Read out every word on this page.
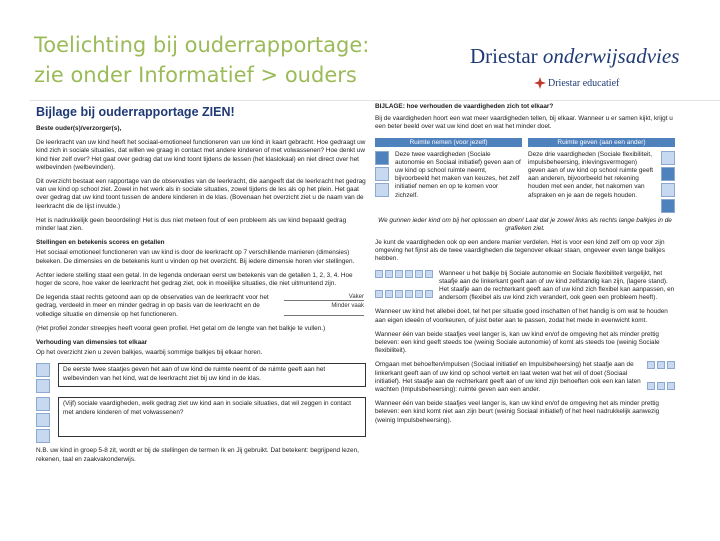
Toelichting bij ouderrapportage:
zie onder Informatief > ouders
Driestar onderwijsadvies
Driestar educatief
Bijlage bij ouderrapportage ZIEN!

Beste ouder(s)/verzorger(s),

De leerkracht van uw kind heeft het sociaal-emotioneel functioneren van uw kind in kaart gebracht. Hoe gedraagt uw kind zich in sociale situaties, dat willen we graag in contact met andere kinderen of met volwassenen? Hoe denkt uw kind hier zelf over? Het gaat over gedrag dat uw kind toont tijdens de lessen (het klaslokaal) en niet direct over het welbevinden (welbevinden).

Dit overzicht bestaat een rapportage van de observaties van de leerkracht, die aangeeft dat de leerkracht het gedrag van uw kind op school ziet. Zowel in het werk als in sociale situaties, zowel tijdens de les als op het plein. Het gaat over gedrag dat uw kind toont tussen de andere kinderen in de klas. (Bovenaan het overzicht ziet u de naam van de leerkracht die de lijst invulde.)

Het is nadrukkelijk geen beoordeling! Het is dus niet meteen fout of een probleem als uw kind bepaald gedrag minder laat zien.

Stellingen en betekenis scores en getallen

Het sociaal emotioneel functioneren van uw kind is door de leerkracht op 7 verschillende manieren (dimensies) bekeken. De dimensies en de betekenis kunt u vinden op het overzicht. Bij iedere dimensie horen vier stellingen.

Achter iedere stelling staat een getal. In de legenda onderaan eerst uw betekenis van de getallen 1, 2, 3, 4. Hoe hoger de score, hoe vaker de leerkracht het gedrag ziet, ook in moeilijke situaties, die niet uitmuntend zijn.

De legenda staat rechts getoond aan op de observaties van de leerkracht voor het gedrag, verdeeld in meer en minder gedrag in op basis van de leerkracht en de volledige situatie en dimensie op het functioneren.

Vaker
Minder vaak

(Het profiel zonder streepjes heeft vooral geen profiel. Het getal om de lengte van het balkje te vullen.)

Verhouding van dimensies tot elkaar

Op het overzicht zien u zeven balkjes, waarbij sommige balkjes bij elkaar horen.

De eerste twee staatjes geven het aan of uw kind de ruimte neemt of de ruimte geeft aan het welbevinden van het kind, wat de leerkracht ziet bij uw kind in de klas.

(Vijf) sociale vaardigheden, welk gedrag ziet uw kind aan in sociale situaties, dat wil zeggen in contact met andere kinderen of met volwassenen?

N.B. uw kind in groep 5-8 zit, wordt er bij de stellingen de termen Ik en Jij gebruikt. Dat betekent: begrijpend lezen, rekenen, taal en zaakvakonderwijs.

BIJLAGE: hoe verhouden de vaardigheden zich tot elkaar?

Bij de vaardigheden hoort een wat meer vaardigheden tellen, bij elkaar. Wanneer u er samen kijkt, krijgt u een beter beeld over wat uw kind doet en wat het minder doet.

Ruimte nemen (voor jezelf)	Ruimte geven (aan een ander)

Deze twee vaardigheden (Sociale autonomie en Sociaal initiatief) geven aan of uw kind op school ruimte neemt, bijvoorbeeld het maken van keuzes, het zelf initiatief nemen en op te komen voor zichzelf.

Deze drie vaardigheden (Sociale flexibiliteit, impulsbeheersing, inlevingsvermogen) geven aan of uw kind op school ruimte geeft aan anderen, bijvoorbeeld het rekening houden met een ander, het nakomen van afspraken en je aan de regels houden.

We gunnen ieder kind om bij het oplossen en doen! Laat dat je zowel links als rechts lange balkjes in de grafieken ziet.

Je kunt de vaardigheden ook op een andere manier verdelen. Het is voor een kind zelf om op voor zijn omgeving het fijnst als de twee vaardigheden die tegenover elkaar staan, ongeveer even lange balkjes hebben.

Wanneer u het balkje bij Sociale autonomie en Sociale flexibiliteit vergelijkt, het staafje aan de linkerkant geeft aan of uw kind zelfstandig kan zijn, (lagere stand). Het staafje aan de rechterkant geeft aan of uw kind zich flexibel kan aanpassen, en andersom (flexibel als uw kind zich verandert, ook geen een probleem heeft).

Wanneer uw kind het allebei doet, tel het per situatie goed inschatten of het handig is om wat te houden aan eigen ideeën of voorkeuren, of juist beter aan te passen, zodat het mede in evenwicht komt.

Wanneer één van beide staafjes veel langer is, kan uw kind en/of de omgeving het als minder prettig beleven: een kind geeft steeds toe (weinig Sociale autonomie) of komt als steeds toe (weinig Sociale flexibiliteit).

Omgaan met behoeften/impulsen (Sociaal initiatief en Impulsbeheersing) het staafje aan de linkerkant geeft aan of uw kind op school vertelt en laat weten wat het wil of doet (Sociaal initiatief). Het staafje aan de rechterkant geeft aan of uw kind zijn behoeften ook een kan laten wachten (Impulsbeheersing): ruimte geven aan een ander.

Wanneer één van beide staafjes veel langer is, kan uw kind en/of de omgeving het als minder prettig beleven: een kind komt niet aan zijn beurt (weinig Sociaal initiatief) of het heel nadrukkelijk aanwezig (weinig Impulsbeheersing).
